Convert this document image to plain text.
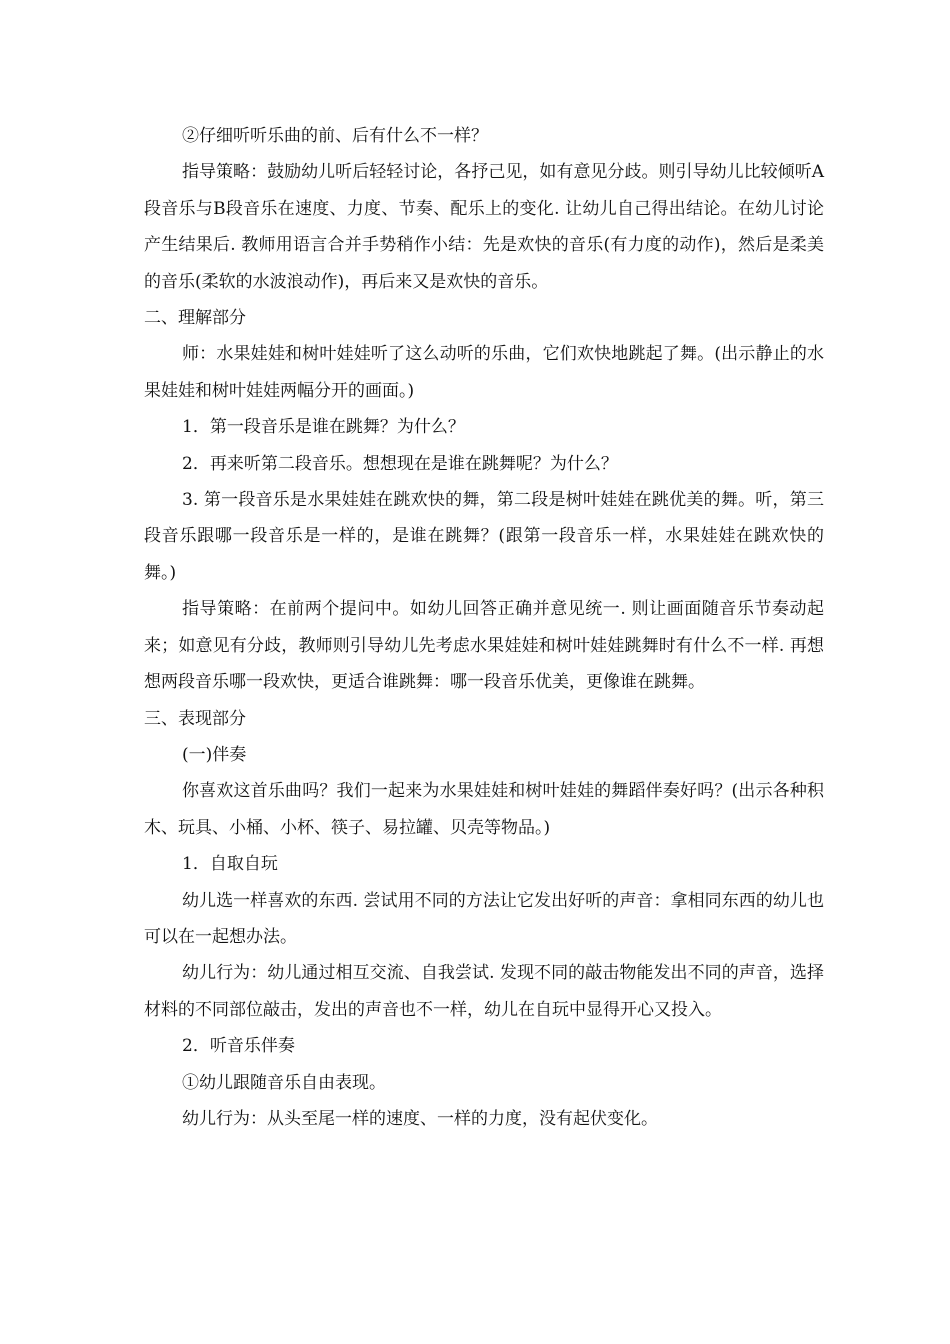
②仔细听听乐曲的前、后有什么不一样？

指导策略：鼓励幼儿听后轻轻讨论，各抒己见，如有意见分歧。则引导幼儿比较倾听A段音乐与B段音乐在速度、力度、节奏、配乐上的变化. 让幼儿自己得出结论。在幼儿讨论产生结果后. 教师用语言合并手势稍作小结：先是欢快的音乐(有力度的动作)，然后是柔美的音乐(柔软的水波浪动作)，再后来又是欢快的音乐。

二、理解部分

师：水果娃娃和树叶娃娃听了这么动听的乐曲，它们欢快地跳起了舞。(出示静止的水果娃娃和树叶娃娃两幅分开的画面。)

1．第一段音乐是谁在跳舞？为什么？

2．再来听第二段音乐。想想现在是谁在跳舞呢？为什么？

3. 第一段音乐是水果娃娃在跳欢快的舞，第二段是树叶娃娃在跳优美的舞。听，第三段音乐跟哪一段音乐是一样的，是谁在跳舞？(跟第一段音乐一样，水果娃娃在跳欢快的舞。)

指导策略：在前两个提问中。如幼儿回答正确并意见统一. 则让画面随音乐节奏动起来；如意见有分歧，教师则引导幼儿先考虑水果娃娃和树叶娃娃跳舞时有什么不一样. 再想想两段音乐哪一段欢快，更适合谁跳舞：哪一段音乐优美，更像谁在跳舞。

三、表现部分

(一)伴奏

你喜欢这首乐曲吗？我们一起来为水果娃娃和树叶娃娃的舞蹈伴奏好吗？(出示各种积木、玩具、小桶、小杯、筷子、易拉罐、贝壳等物品。)

1．自取自玩

幼儿选一样喜欢的东西. 尝试用不同的方法让它发出好听的声音：拿相同东西的幼儿也可以在一起想办法。

幼儿行为：幼儿通过相互交流、自我尝试. 发现不同的敲击物能发出不同的声音，选择材料的不同部位敲击，发出的声音也不一样，幼儿在自玩中显得开心又投入。

2．听音乐伴奏

①幼儿跟随音乐自由表现。

幼儿行为：从头至尾一样的速度、一样的力度，没有起伏变化。
